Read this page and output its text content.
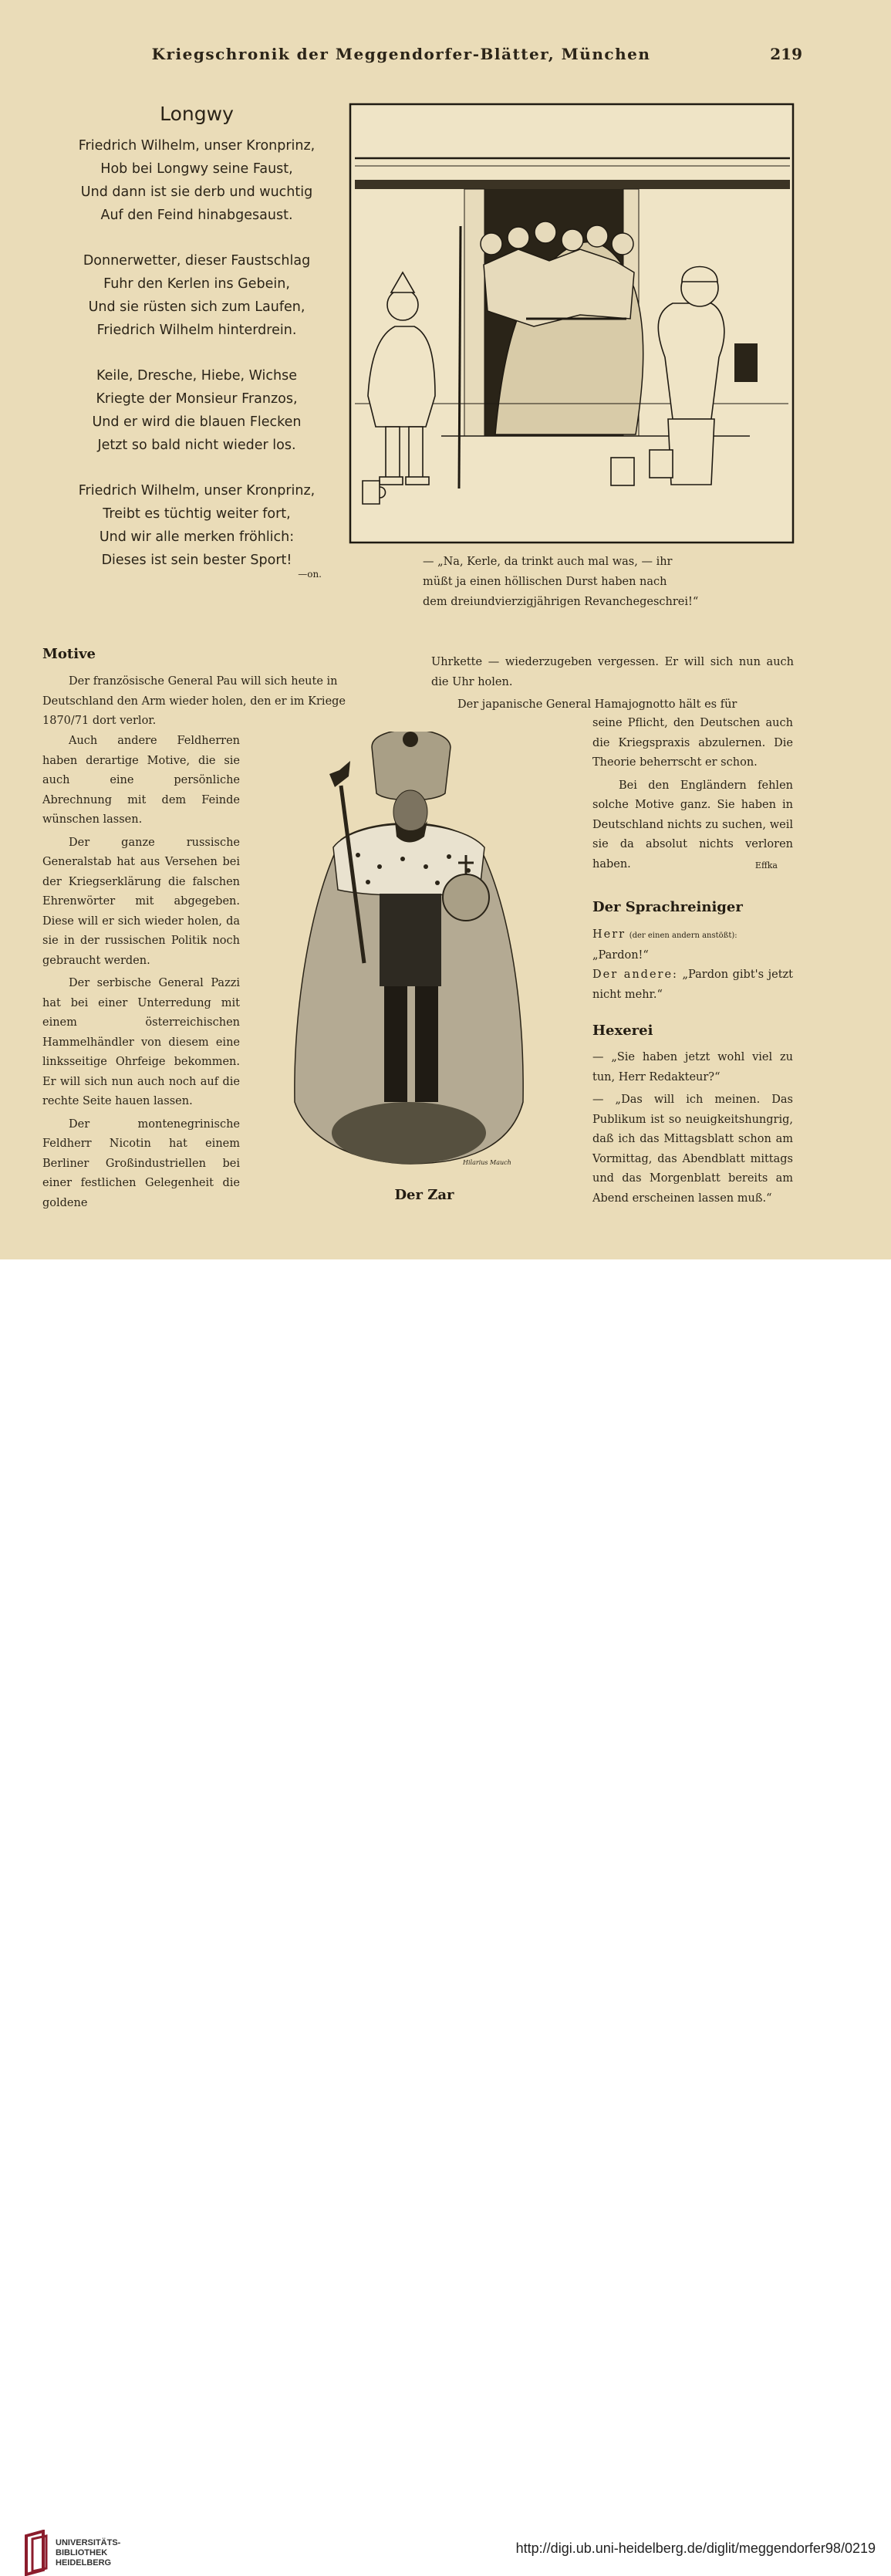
Kriegschronik der Meggendorfer-Blätter, München	219
Longwy
Friedrich Wilhelm, unser Kronprinz,
Hob bei Longwy seine Faust,
Und dann ist sie derb und wuchtig
Auf den Feind hinabgesaust.
Donnerwetter, dieser Faustschlag
Fuhr den Kerlen ins Gebein,
Und sie rüsten sich zum Laufen,
Friedrich Wilhelm hinterdrein.
Keile, Dresche, Hiebe, Wichse
Kriegte der Monsieur Franzos,
Und er wird die blauen Flecken
Jetzt so bald nicht wieder los.
Friedrich Wilhelm, unser Kronprinz,
Treibt es tüchtig weiter fort,
Und wir alle merken fröhlich:
Dieses ist sein bester Sport!
—on.
— „Na, Kerle, da trinkt auch mal was, — ihr
müßt ja einen höllischen Durst haben nach
dem dreiundvierzigjährigen Revanchegeschrei!“
Motive
Der französische General Pau will sich heute in
Deutschland den Arm wieder holen, den er im Kriege
1870/71 dort verlor.

Auch andere Feldherren haben derartige Motive, die sie auch eine persönliche Abrechnung mit dem Feinde wünschen lassen.

Der ganze russische Generalstab hat aus Versehen bei der Kriegserklärung die falschen Ehrenwörter mit abgegeben. Diese will er sich wieder holen, da sie in der russischen Politik noch gebraucht werden.

Der serbische General Pazzi hat bei einer Unterredung mit einem österreichischen Hammelhändler von diesem eine linksseitige Ohrfeige bekommen. Er will sich nun auch noch auf die rechte Seite hauen lassen.

Der montenegrinische Feldherr Nicotin hat einem Berliner Großindustriellen bei einer festlichen Gelegenheit die goldene

Uhrkette — wiederzugeben vergessen. Er will sich nun auch die Uhr holen.

Der japanische General Hamajognotto hält es für

seine Pflicht, den Deutschen auch die Kriegspraxis abzulernen. Die Theorie beherrscht er schon.

Bei den Engländern fehlen solche Motive ganz. Sie haben in Deutschland nichts zu suchen, weil sie da absolut nichts verloren haben.	Effka
Hilarius Mauch
Der Zar
Der Sprachreiniger
Herr (der einen andern anstößt):
„Pardon!“
Der andere: „Pardon gibt's jetzt nicht mehr.“
Hexerei

— „Sie haben jetzt wohl viel zu tun, Herr Redakteur?“

— „Das will ich meinen. Das Publikum ist so neuigkeitshungrig, daß ich das Mittagsblatt schon am Vormittag, das Abendblatt mittags und das Morgenblatt bereits am Abend erscheinen lassen muß.“

UNIVERSITÄTS-
BIBLIOTHEK
HEIDELBERG
http://digi.ub.uni-heidelberg.de/diglit/meggendorfer98/0219
